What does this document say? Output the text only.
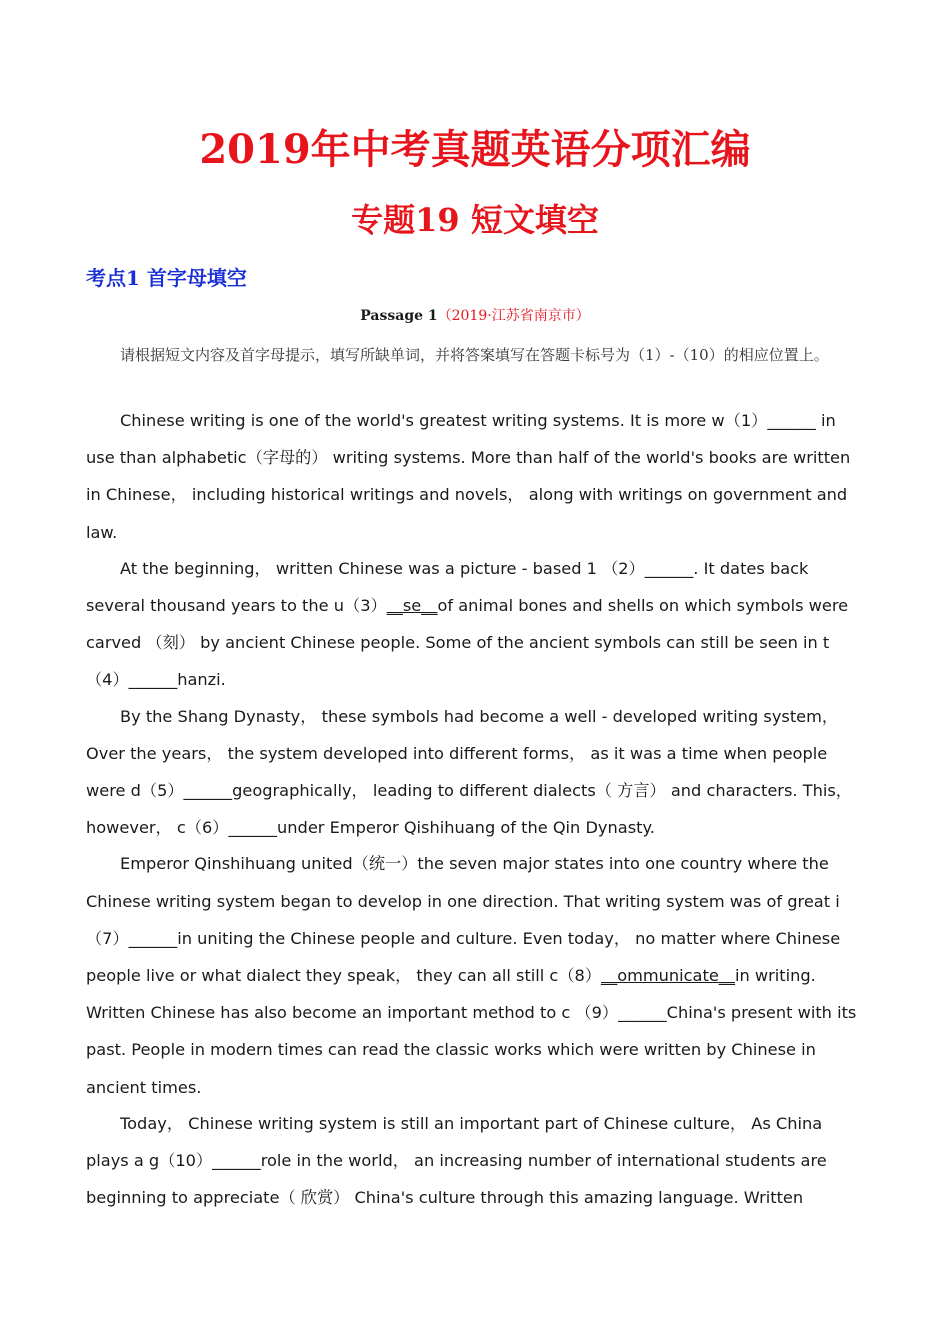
2019年中考真题英语分项汇编
专题19 短文填空
考点1 首字母填空
Passage 1（2019·江苏省南京市）
请根据短文内容及首字母提示，填写所缺单词，并将答案填写在答题卡标号为（1）-（10）的相应位置上。

Chinese writing is one of the world's greatest writing systems. It is more w（1）______ in use than alphabetic（字母的） writing systems. More than half of the world's books are written in Chinese， including historical writings and novels， along with writings on government and law.

At the beginning， written Chinese was a picture - based 1 （2）______. It dates back several thousand years to the u（3）__se__of animal bones and shells on which symbols were carved （刻） by ancient Chinese people. Some of the ancient symbols can still be seen in t （4）______hanzi.

By the Shang Dynasty， these symbols had become a well - developed writing system， Over the years， the system developed into different forms， as it was a time when people were d（5）______geographically， leading to different dialects（ 方言） and characters. This， however， c（6）______under Emperor Qishihuang of the Qin Dynasty.

Emperor Qinshihuang united（统一）the seven major states into one country where the Chinese writing system began to develop in one direction. That writing system was of great i（7）______in uniting the Chinese people and culture. Even today， no matter where Chinese people live or what dialect they speak， they can all still c（8）__ommunicate__in writing. Written Chinese has also become an important method to c （9）______China's present with its past. People in modern times can read the classic works which were written by Chinese in ancient times.

Today， Chinese writing system is still an important part of Chinese culture， As China plays a g（10）______role in the world， an increasing number of international students are beginning to appreciate（ 欣赏） China's culture through this amazing language. Written
